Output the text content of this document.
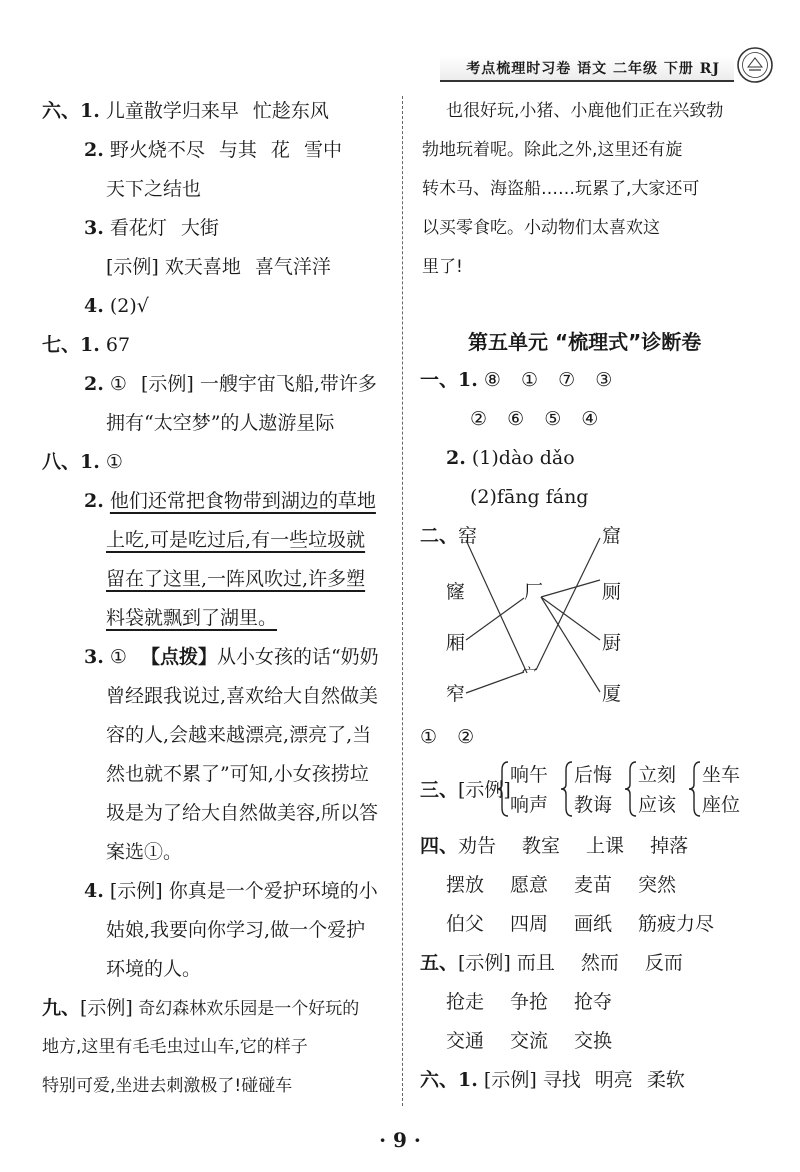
考点梳理时习卷 语文 二年级 下册 RJ
六、1. 儿童散学归来早 忙趁东风
2. 野火烧不尽 与其 花 雪中
天下之结也
3. 看花灯 大街
[示例] 欢天喜地 喜气洋洋
4. (2)√
七、1. 67
2. ① [示例] 一艘宇宙飞船,带许多
拥有“太空梦”的人遨游星际
八、1. ①
2. 他们还常把食物带到湖边的草地
上吃,可是吃过后,有一些垃圾就
留在了这里,一阵风吹过,许多塑
料袋就飘到了湖里。
3. ① 【点拨】从小女孩的话“奶奶
曾经跟我说过,喜欢给大自然做美
容的人,会越来越漂亮,漂亮了,当
然也就不累了”可知,小女孩捞垃
圾是为了给大自然做美容,所以答
案选①。
4. [示例] 你真是一个爱护环境的小
姑娘,我要向你学习,做一个爱护
环境的人。
九、[示例] 奇幻森林欢乐园是一个好玩的
地方,这里有毛毛虫过山车,它的样子
特别可爱,坐进去刺激极了!碰碰车
也很好玩,小猪、小鹿他们正在兴致勃
勃地玩着呢。除此之外,这里还有旋
转木马、海盗船……玩累了,大家还可
以买零食吃。小动物们太喜欢这
里了!
第五单元 “梳理式”诊断卷
一、1. ⑧ ① ⑦ ③
② ⑥ ⑤ ④
2. (1)dào dǎo
(2)fāng fáng
二、窑
窿
厢
窄
厂
宀
窟
厕
厨
厦
① ②
三、[示例]
响午
响声
后悔
教诲
立刻
应该
坐车
座位
四、劝告 教室 上课 掉落
摆放 愿意 麦苗 突然
伯父 四周 画纸 筋疲力尽
五、[示例] 而且 然而 反而
抢走 争抢 抢夺
交通 交流 交换
六、1. [示例] 寻找 明亮 柔软
· 9 ·
